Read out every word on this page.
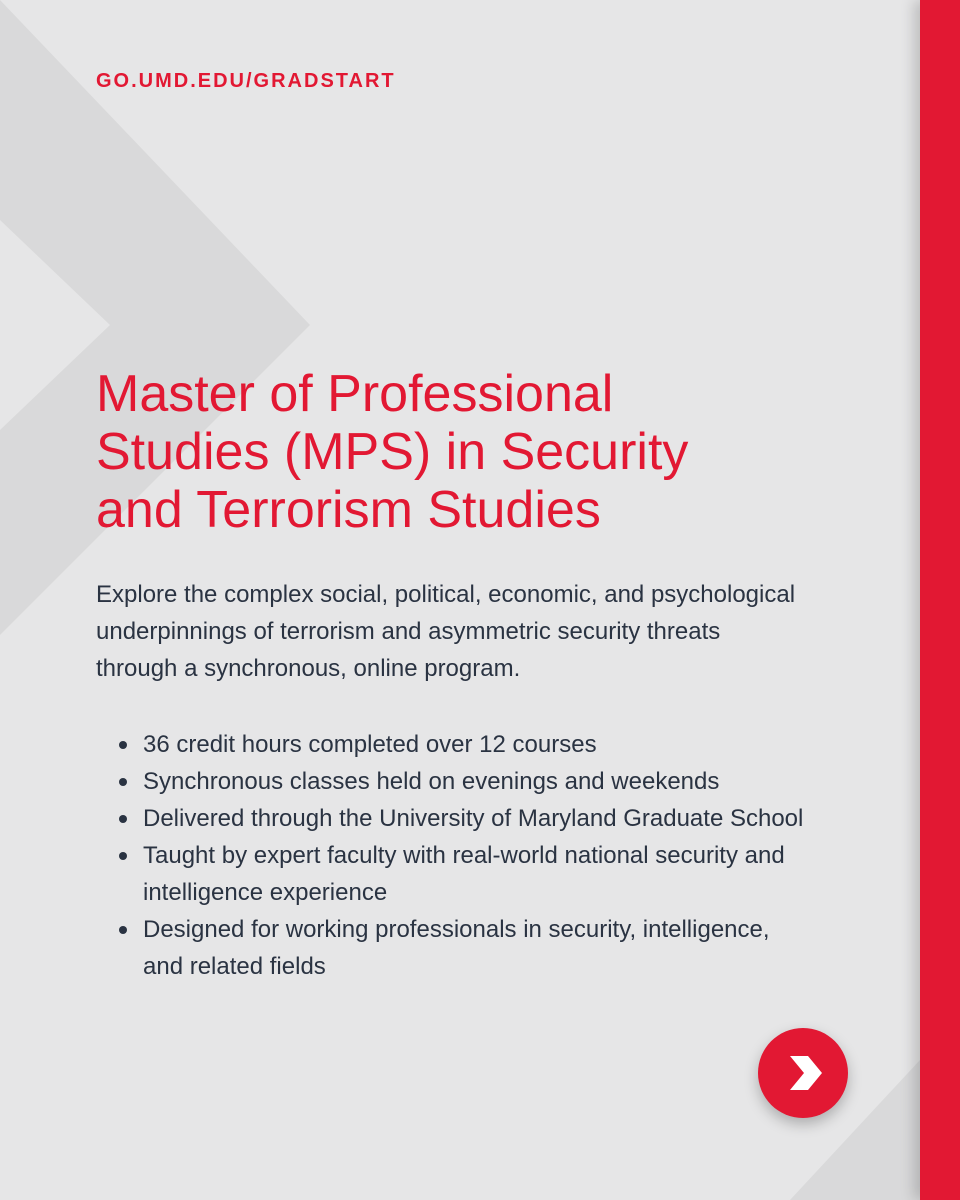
GO.UMD.EDU/GRADSTART

Master of Professional
Studies (MPS) in Security
and Terrorism Studies

Explore the complex social, political, economic, and psychological
underpinnings of terrorism and asymmetric security threats
through a synchronous, online program.

36 credit hours completed over 12 courses
Synchronous classes held on evenings and weekends
Delivered through the University of Maryland Graduate School
Taught by expert faculty with real-world national security and
intelligence experience
Designed for working professionals in security, intelligence,
and related fields
